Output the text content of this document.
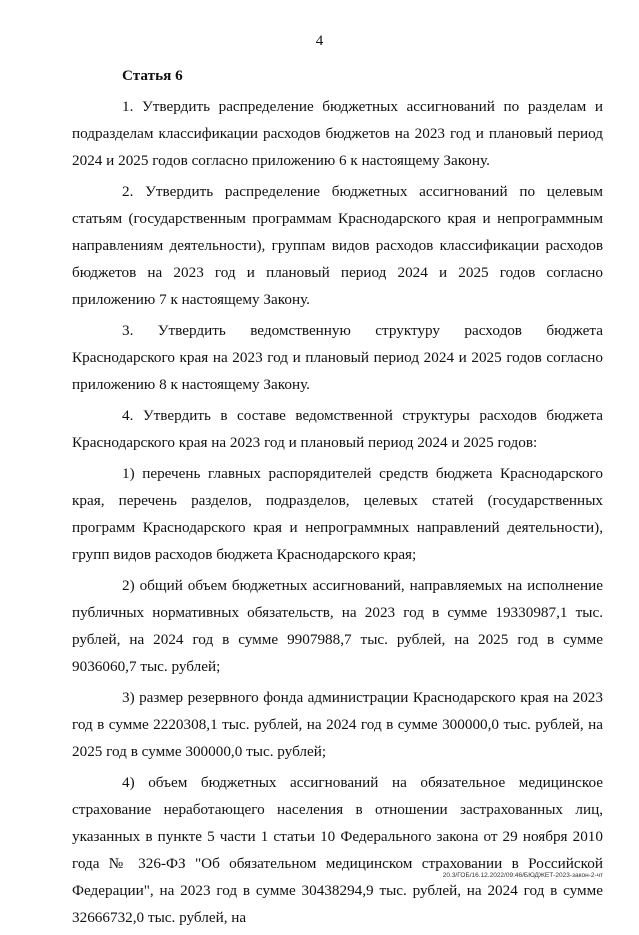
4
Статья 6

1. Утвердить распределение бюджетных ассигнований по разделам и подразделам классификации расходов бюджетов на 2023 год и плановый период 2024 и 2025 годов согласно приложению 6 к настоящему Закону.

2. Утвердить распределение бюджетных ассигнований по целевым статьям (государственным программам Краснодарского края и непрограммным направлениям деятельности), группам видов расходов классификации расходов бюджетов на 2023 год и плановый период 2024 и 2025 годов согласно приложению 7 к настоящему Закону.

3. Утвердить ведомственную структуру расходов бюджета Краснодарского края на 2023 год и плановый период 2024 и 2025 годов согласно приложению 8 к настоящему Закону.

4. Утвердить в составе ведомственной структуры расходов бюджета Краснодарского края на 2023 год и плановый период 2024 и 2025 годов:

1) перечень главных распорядителей средств бюджета Краснодарского края, перечень разделов, подразделов, целевых статей (государственных программ Краснодарского края и непрограммных направлений деятельности), групп видов расходов бюджета Краснодарского края;

2) общий объем бюджетных ассигнований, направляемых на исполнение публичных нормативных обязательств, на 2023 год в сумме 19330987,1 тыс. рублей, на 2024 год в сумме 9907988,7 тыс. рублей, на 2025 год в сумме 9036060,7 тыс. рублей;

3) размер резервного фонда администрации Краснодарского края на 2023 год в сумме 2220308,1 тыс. рублей, на 2024 год в сумме 300000,0 тыс. рублей, на 2025 год в сумме 300000,0 тыс. рублей;

4) объем бюджетных ассигнований на обязательное медицинское страхование неработающего населения в отношении застрахованных лиц, указанных в пункте 5 части 1 статьи 10 Федерального закона от 29 ноября 2010 года № 326-ФЗ "Об обязательном медицинском страховании в Российской Федерации", на 2023 год в сумме 30438294,9 тыс. рублей, на 2024 год в сумме 32666732,0 тыс. рублей, на

20.3/ГОБ/16.12.2022/09:46/БЮДЖЕТ-2023-закон-2-чт
